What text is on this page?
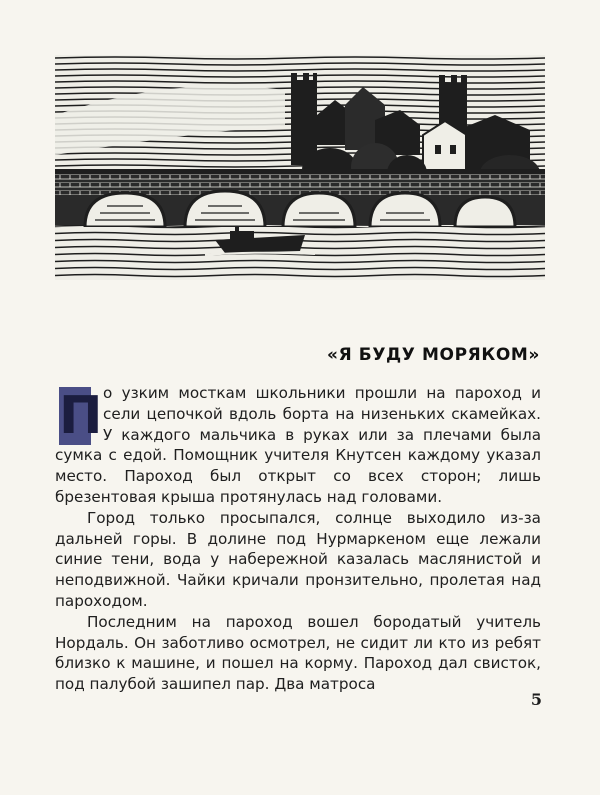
«Я БУДУ МОРЯКОМ»

П о узким мосткам школьники прошли на пароход и сели цепочкой вдоль борта на низеньких скамейках. У каждого мальчика в руках или за плечами была сумка с едой. Помощник учителя Кнутсен каждому указал место. Пароход был открыт со всех сторон; лишь брезентовая крыша протянулась над головами.

Город только просыпался, солнце выходило из-за дальней горы. В долине под Нурмаркеном еще лежали синие тени, вода у набережной казалась маслянистой и неподвижной. Чайки кричали пронзительно, пролетая над пароходом.

Последним на пароход вошел бородатый учитель Нордаль. Он заботливо осмотрел, не сидит ли кто из ребят близко к машине, и пошел на корму. Пароход дал свисток, под палубой зашипел пар. Два матроса

5
